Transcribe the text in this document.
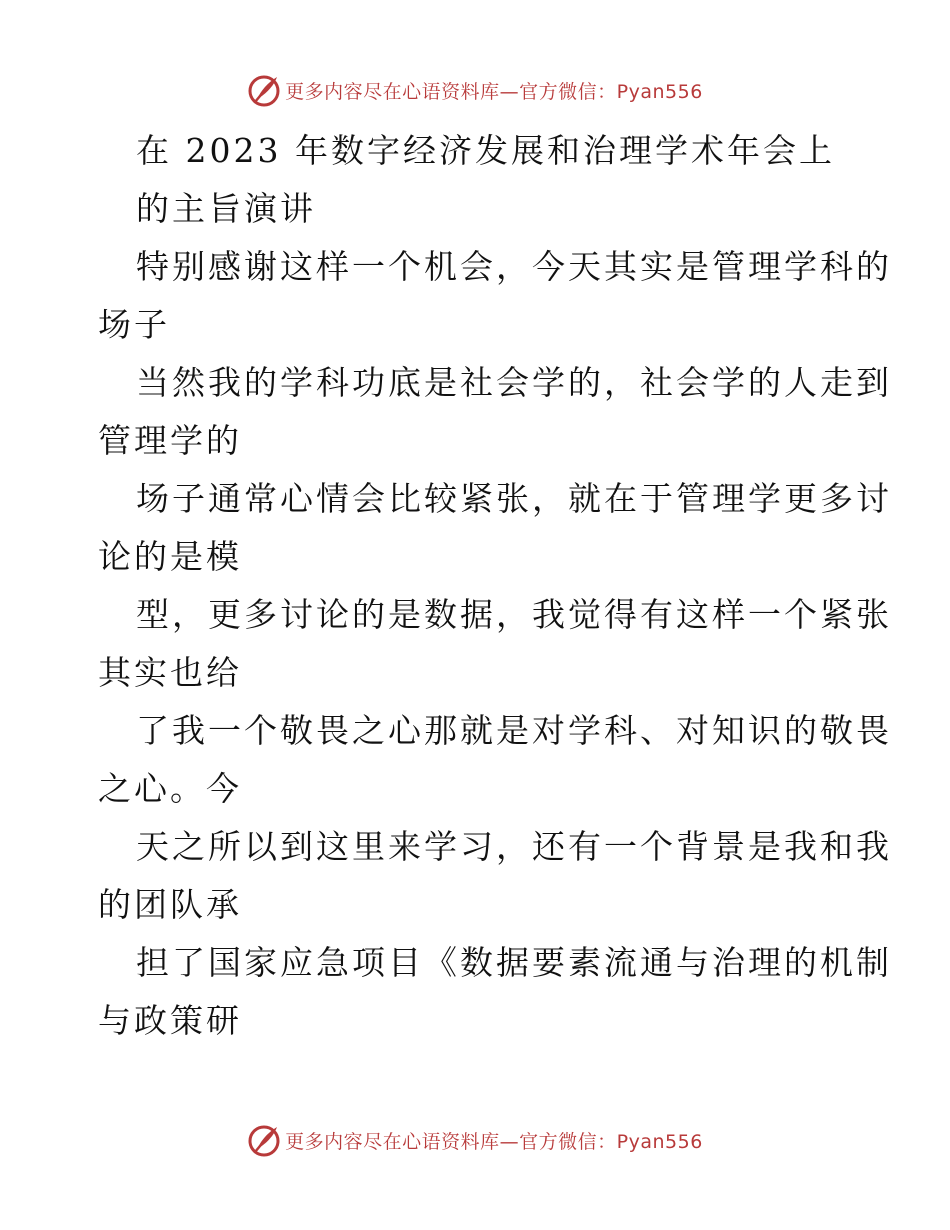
更多内容尽在心语资料库—官方微信：Pyan556

在 2023 年数字经济发展和治理学术年会上

的主旨演讲

特别感谢这样一个机会，今天其实是管理学科的

场子

当然我的学科功底是社会学的，社会学的人走到

管理学的

场子通常心情会比较紧张，就在于管理学更多讨

论的是模

型，更多讨论的是数据，我觉得有这样一个紧张

其实也给

了我一个敬畏之心那就是对学科、对知识的敬畏

之心。今

天之所以到这里来学习，还有一个背景是我和我

的团队承

担了国家应急项目《数据要素流通与治理的机制

与政策研

更多内容尽在心语资料库—官方微信：Pyan556
